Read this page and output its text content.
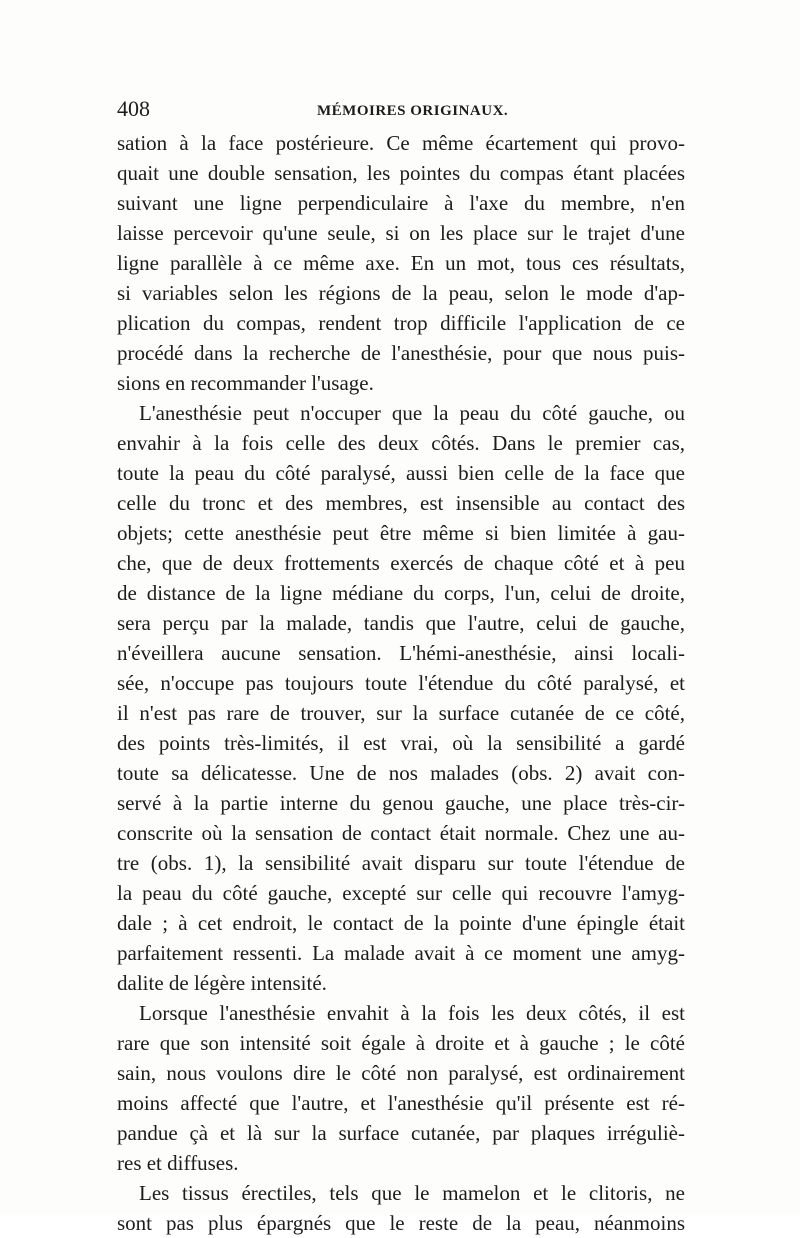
408	MÉMOIRES ORIGINAUX.
sation à la face postérieure. Ce même écartement qui provo-
quait une double sensation, les pointes du compas étant placées
suivant une ligne perpendiculaire à l'axe du membre, n'en
laisse percevoir qu'une seule, si on les place sur le trajet d'une
ligne parallèle à ce même axe. En un mot, tous ces résultats,
si variables selon les régions de la peau, selon le mode d'ap-
plication du compas, rendent trop difficile l'application de ce
procédé dans la recherche de l'anesthésie, pour que nous puis-
sions en recommander l'usage.
L'anesthésie peut n'occuper que la peau du côté gauche, ou
envahir à la fois celle des deux côtés. Dans le premier cas,
toute la peau du côté paralysé, aussi bien celle de la face que
celle du tronc et des membres, est insensible au contact des
objets; cette anesthésie peut être même si bien limitée à gau-
che, que de deux frottements exercés de chaque côté et à peu
de distance de la ligne médiane du corps, l'un, celui de droite,
sera perçu par la malade, tandis que l'autre, celui de gauche,
n'éveillera aucune sensation. L'hémi-anesthésie, ainsi locali-
sée, n'occupe pas toujours toute l'étendue du côté paralysé, et
il n'est pas rare de trouver, sur la surface cutanée de ce côté,
des points très-limités, il est vrai, où la sensibilité a gardé
toute sa délicatesse. Une de nos malades (obs. 2) avait con-
servé à la partie interne du genou gauche, une place très-cir-
conscrite où la sensation de contact était normale. Chez une au-
tre (obs. 1), la sensibilité avait disparu sur toute l'étendue de
la peau du côté gauche, excepté sur celle qui recouvre l'amyg-
dale ; à cet endroit, le contact de la pointe d'une épingle était
parfaitement ressenti. La malade avait à ce moment une amyg-
dalite de légère intensité.
Lorsque l'anesthésie envahit à la fois les deux côtés, il est
rare que son intensité soit égale à droite et à gauche ; le côté
sain, nous voulons dire le côté non paralysé, est ordinairement
moins affecté que l'autre, et l'anesthésie qu'il présente est ré-
pandue çà et là sur la surface cutanée, par plaques irréguliè-
res et diffuses.
Les tissus érectiles, tels que le mamelon et le clitoris, ne
sont pas plus épargnés que le reste de la peau, néanmoins
